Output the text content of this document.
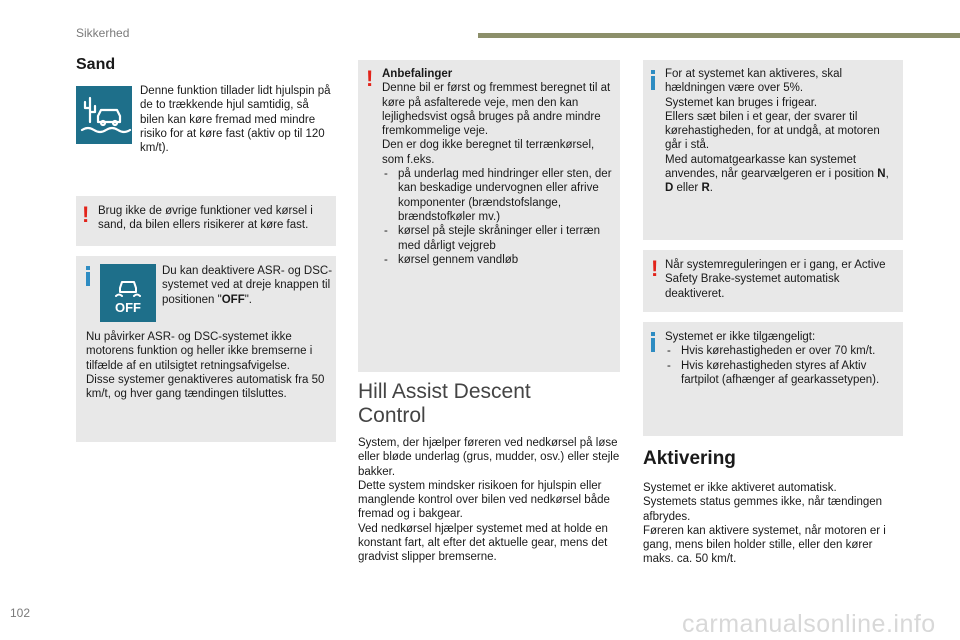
Sikkerhed
102	carmanualsonline.info
Sand
Denne funktion tillader lidt hjulspin på de to trækkende hjul samtidig, så bilen kan køre fremad med mindre risiko for at køre fast (aktiv op til 120 km/t).
! Brug ikke de øvrige funktioner ved kørsel i sand, da bilen ellers risikerer at køre fast.
Du kan deaktivere ASR- og DSC-systemet ved at dreje knappen til positionen "OFF".
Nu påvirker ASR- og DSC-systemet ikke motorens funktion og heller ikke bremserne i tilfælde af en utilsigtet retningsafvigelse.
Disse systemer genaktiveres automatisk fra 50 km/t, og hver gang tændingen tilsluttes.
OFF
! Anbefalinger
Denne bil er først og fremmest beregnet til at køre på asfalterede veje, men den kan lejlighedsvist også bruges på andre mindre fremkommelige veje.
Den er dog ikke beregnet til terrænkørsel, som f.eks.
- på underlag med hindringer eller sten, der kan beskadige undervognen eller afrive komponenter (brændstofslange, brændstofkøler mv.)
- kørsel på stejle skråninger eller i terræn med dårligt vejgreb
- kørsel gennem vandløb
Hill Assist Descent Control
System, der hjælper føreren ved nedkørsel på løse eller bløde underlag (grus, mudder, osv.) eller stejle bakker.
Dette system mindsker risikoen for hjulspin eller manglende kontrol over bilen ved nedkørsel både fremad og i bakgear.
Ved nedkørsel hjælper systemet med at holde en konstant fart, alt efter det aktuelle gear, mens det gradvist slipper bremserne.
For at systemet kan aktiveres, skal hældningen være over 5%.
Systemet kan bruges i frigear.
Ellers sæt bilen i et gear, der svarer til kørehastigheden, for at undgå, at motoren går i stå.
Med automatgearkasse kan systemet anvendes, når gearvælgeren er i position N, D eller R.
! Når systemreguleringen er i gang, er Active Safety Brake-systemet automatisk deaktiveret.
Systemet er ikke tilgængeligt:
- Hvis kørehastigheden er over 70 km/t.
- Hvis kørehastigheden styres af Aktiv fartpilot (afhænger af gearkassetypen).
Aktivering
Systemet er ikke aktiveret automatisk.
Systemets status gemmes ikke, når tændingen afbrydes.
Føreren kan aktivere systemet, når motoren er i gang, mens bilen holder stille, eller den kører maks. ca. 50 km/t.
